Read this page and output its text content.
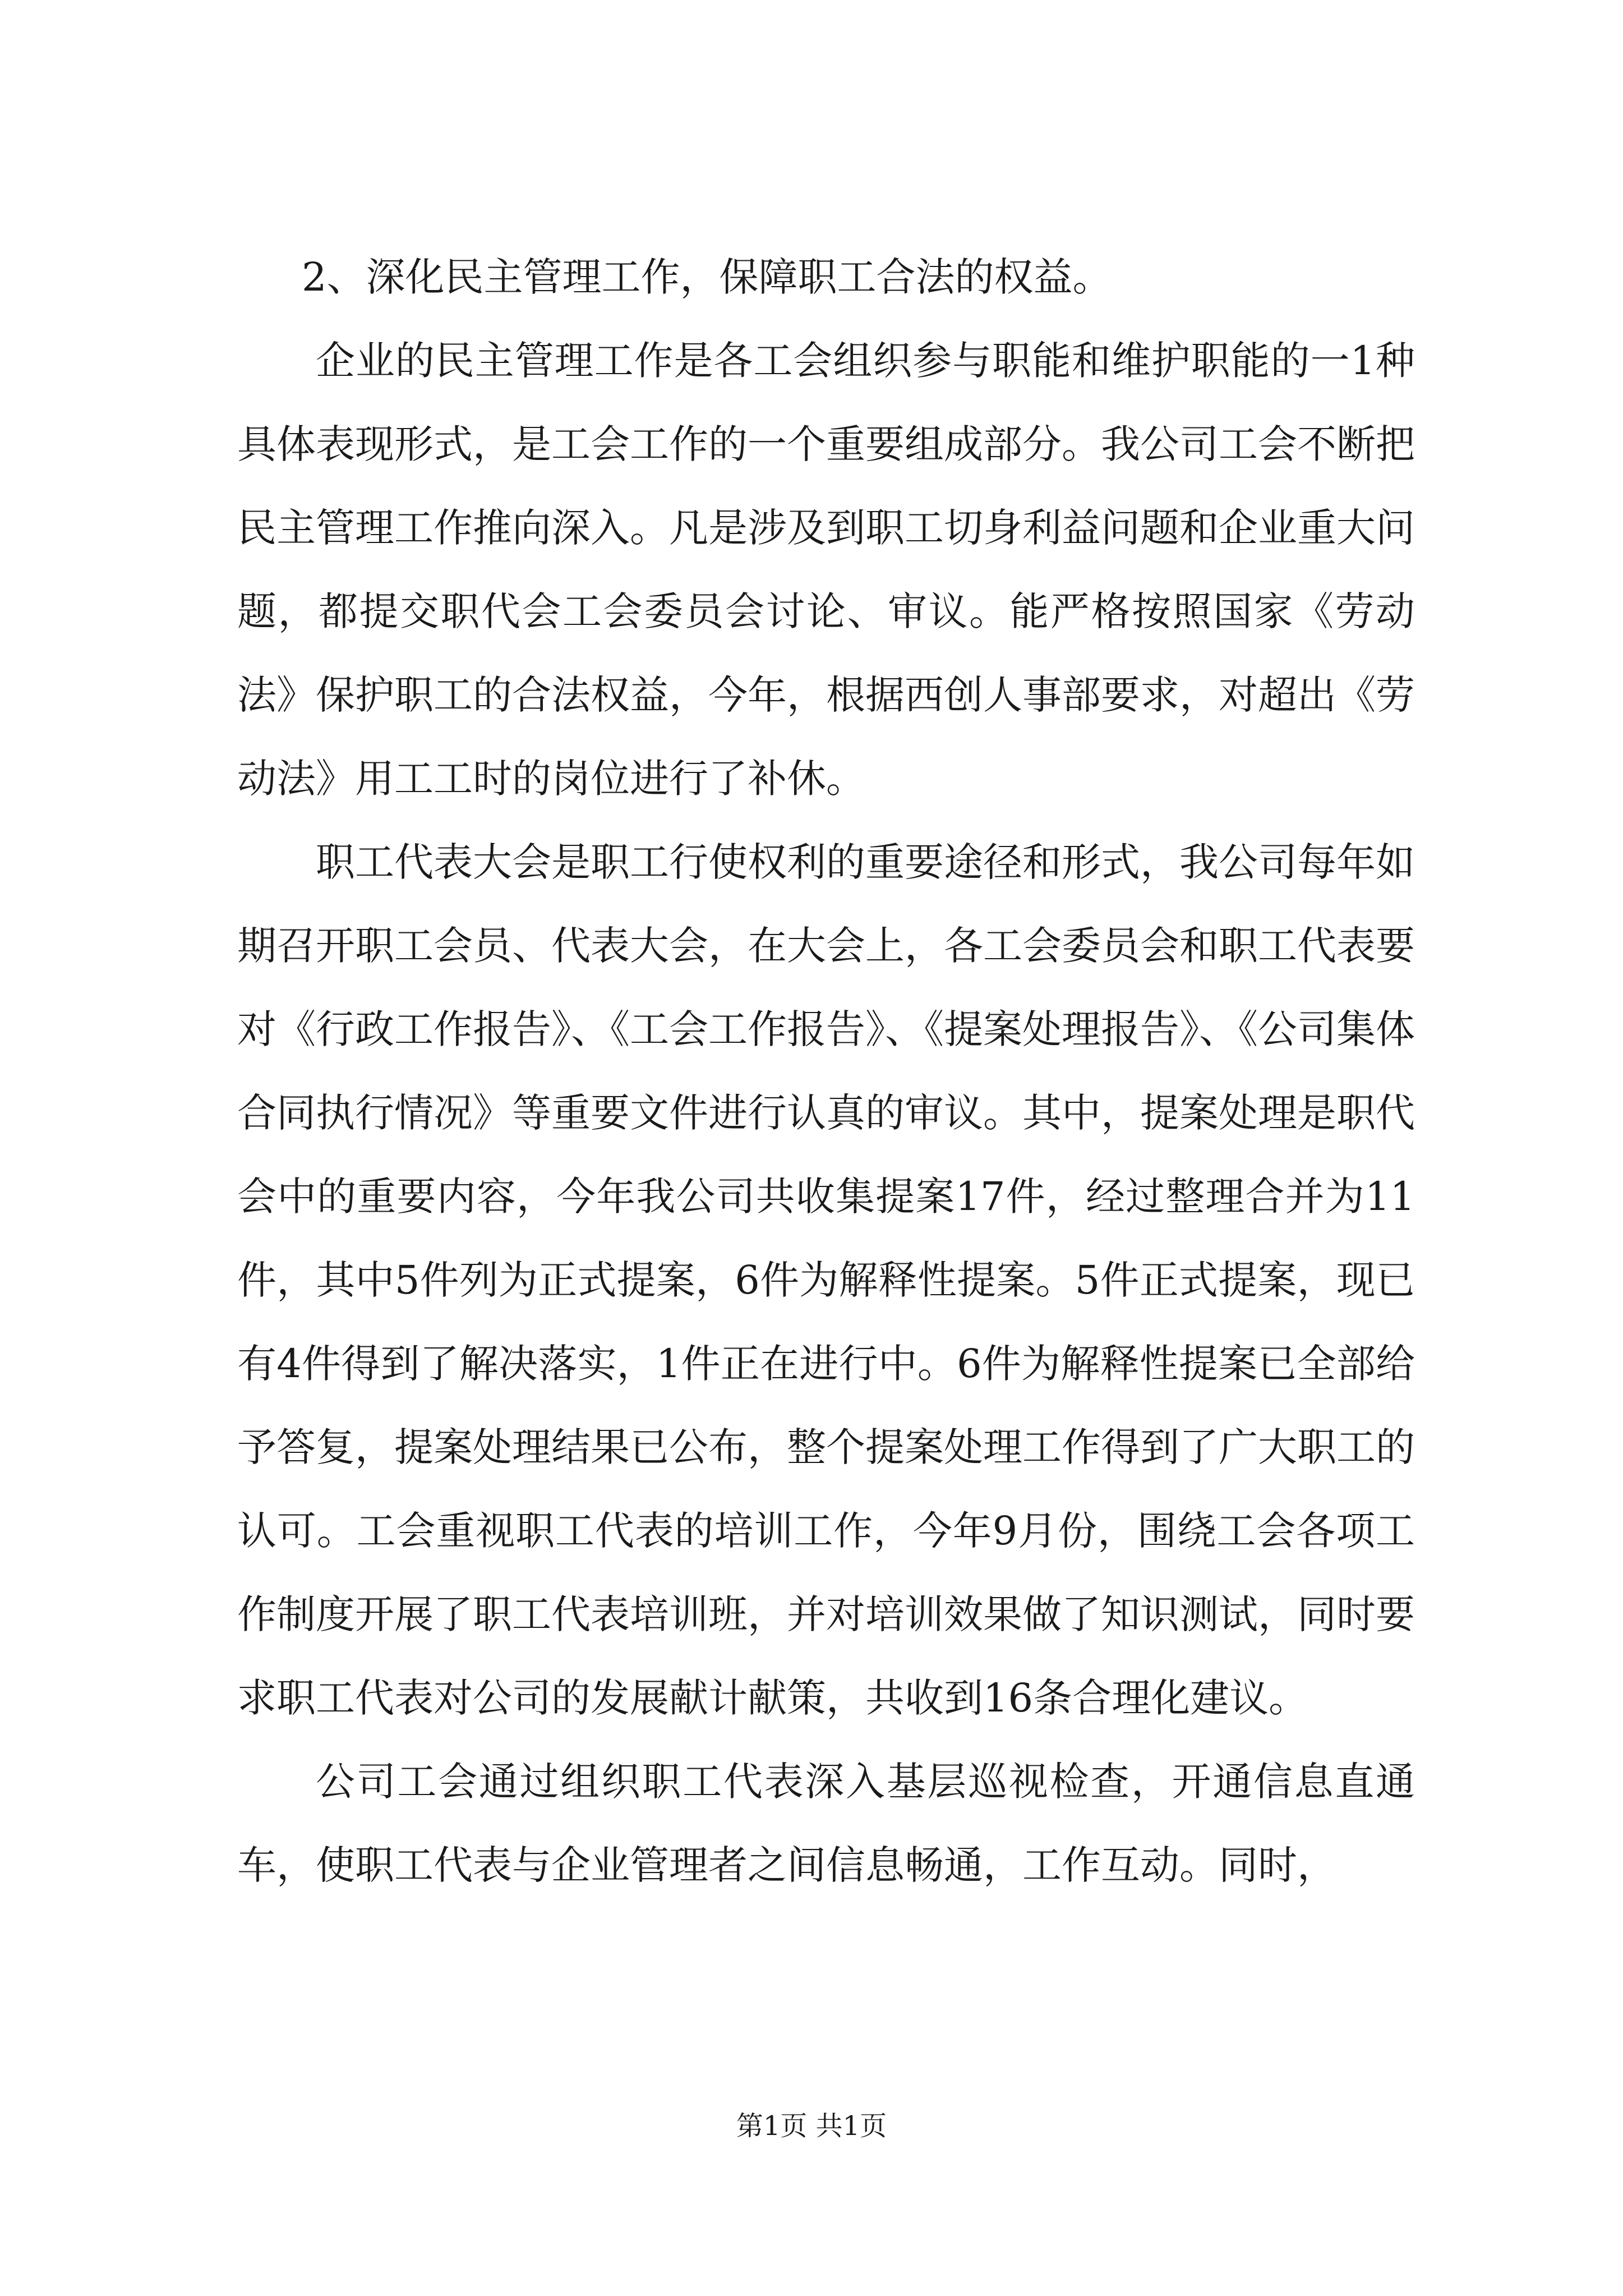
2、深化民主管理工作，保障职工合法的权益。

企业的民主管理工作是各工会组织参与职能和维护职能的一1种具体表现形式，是工会工作的一个重要组成部分。我公司工会不断把民主管理工作推向深入。凡是涉及到职工切身利益问题和企业重大问题，都提交职代会工会委员会讨论、审议。能严格按照国家《劳动法》保护职工的合法权益，今年，根据西创人事部要求，对超出《劳动法》用工工时的岗位进行了补休。

职工代表大会是职工行使权利的重要途径和形式，我公司每年如期召开职工会员、代表大会，在大会上，各工会委员会和职工代表要对《行政工作报告》、《工会工作报告》、《提案处理报告》、《公司集体合同执行情况》等重要文件进行认真的审议。其中，提案处理是职代会中的重要内容，今年我公司共收集提案17件，经过整理合并为11件，其中5件列为正式提案，6件为解释性提案。5件正式提案，现已有4件得到了解决落实，1件正在进行中。6件为解释性提案已全部给予答复，提案处理结果已公布，整个提案处理工作得到了广大职工的认可。工会重视职工代表的培训工作，今年9月份，围绕工会各项工作制度开展了职工代表培训班，并对培训效果做了知识测试，同时要求职工代表对公司的发展献计献策，共收到16条合理化建议。

公司工会通过组织职工代表深入基层巡视检查，开通信息直通车，使职工代表与企业管理者之间信息畅通，工作互动。同时，

第1页 共1页
